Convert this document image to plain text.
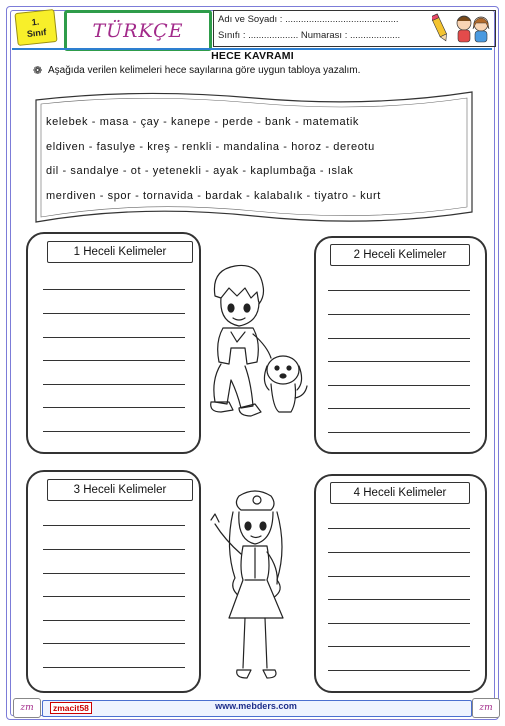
1.
Sınıf TÜRKÇE	Adı ve Soyadı : ...........................................
Sınıfı : ................... Numarası : ...................
HECE KAVRAMI
❁ Aşağıda verilen kelimeleri hece sayılarına göre uygun tabloya yazalım.
kelebek - masa - çay - kanepe - perde - bank - matematik
eldiven - fasulye - kreş - renkli - mandalina - horoz - dereotu
dil - sandalye - ot - yetenekli - ayak - kaplumbağa - ıslak
merdiven - spor - tornavida - bardak - kalabalık - tiyatro - kurt
1 Heceli Kelimeler	2 Heceli Kelimeler
3 Heceli Kelimeler	4 Heceli Kelimeler
www.mebders.com
zmacit58
zm	zm
